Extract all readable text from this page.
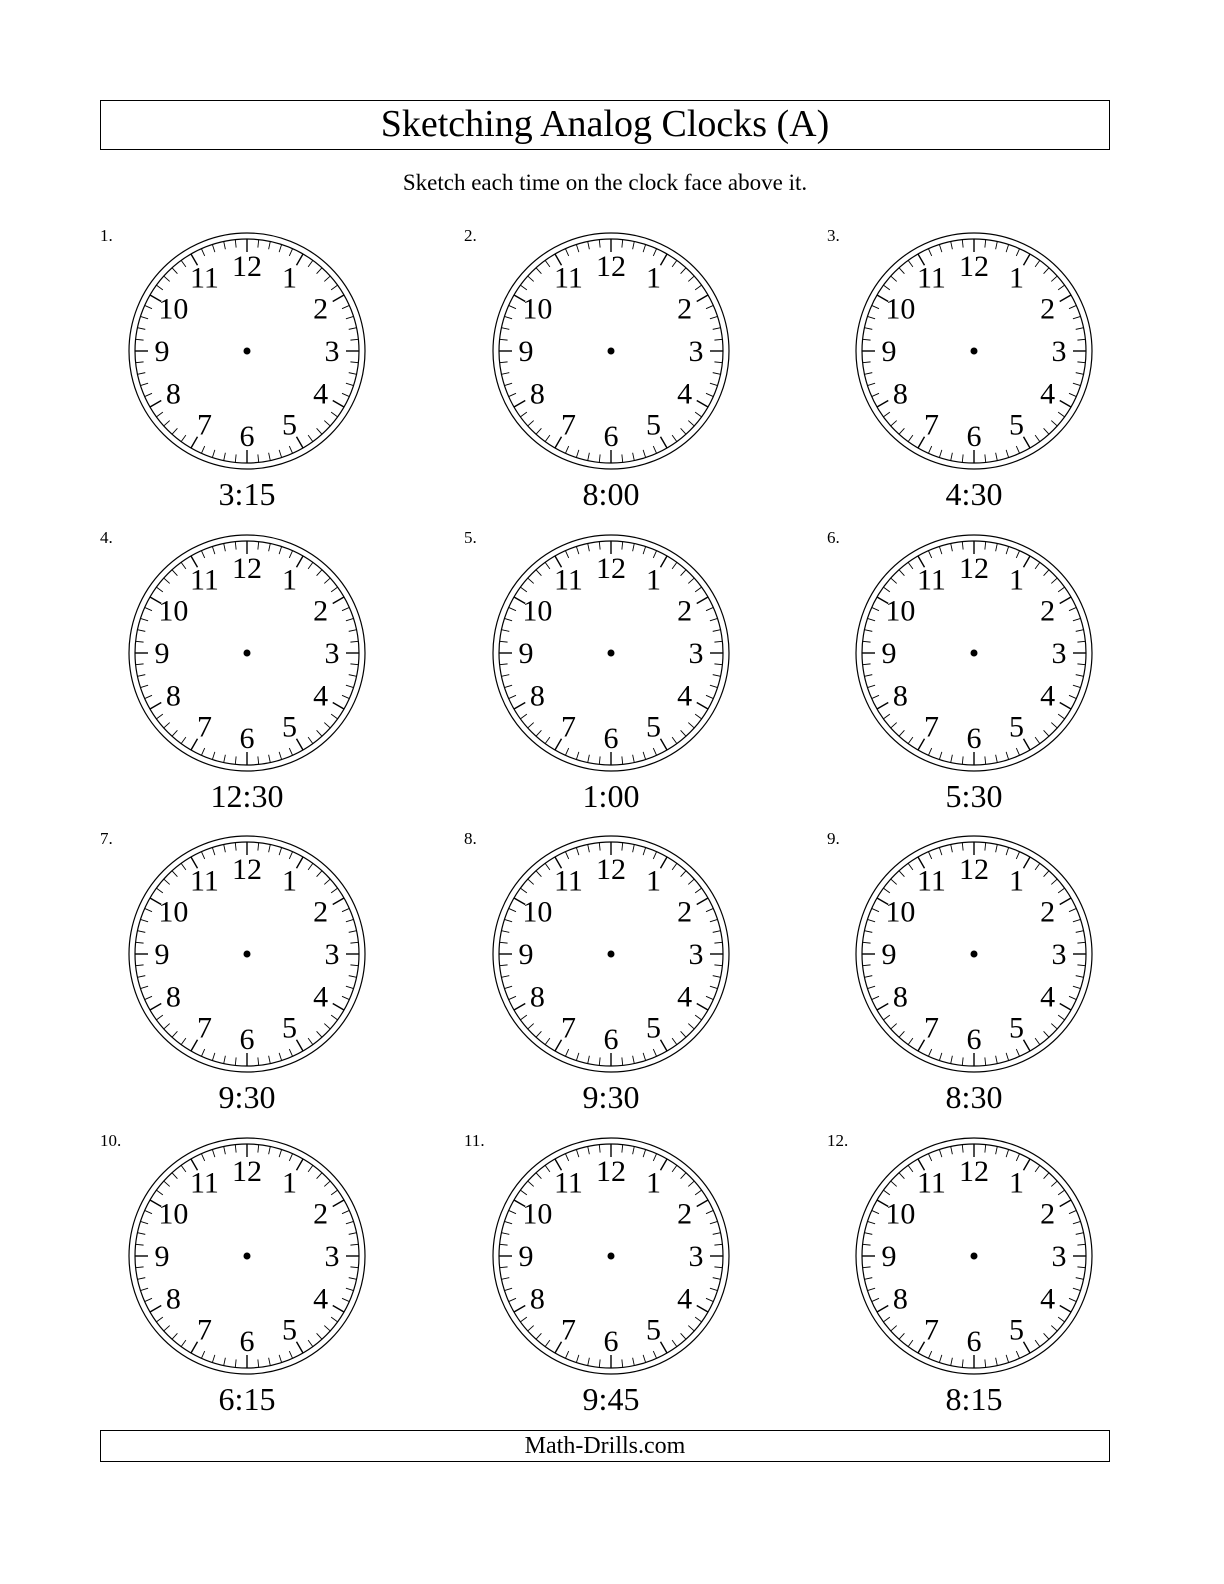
Sketching Analog Clocks (A)
Sketch each time on the clock face above it.
1.
12 1
2
3
4
5
6
7
8
9
10
11
3:15
2.
12 1
2
3
4
5
6
7
8
9
10
11
8:00
3.
12 1
2
3
4
5
6
7
8
9
10
11
4:30
4.
12 1
2
3
4
5
6
7
8
9
10
11
12:30
5.
12 1
2
3
4
5
6
7
8
9
10
11
1:00
6.
12 1
2
3
4
5
6
7
8
9
10
11
5:30
7.
12 1
2
3
4
5
6
7
8
9
10
11
9:30
8.
12 1
2
3
4
5
6
7
8
9
10
11
9:30
9.
12 1
2
3
4
5
6
7
8
9
10
11
8:30
10.
12 1
2
3
4
5
6
7
8
9
10
11
6:15
11.
12 1
2
3
4
5
6
7
8
9
10
11
9:45
12.
12 1
2
3
4
5
6
7
8
9
10
11
8:15
Math-Drills.com
